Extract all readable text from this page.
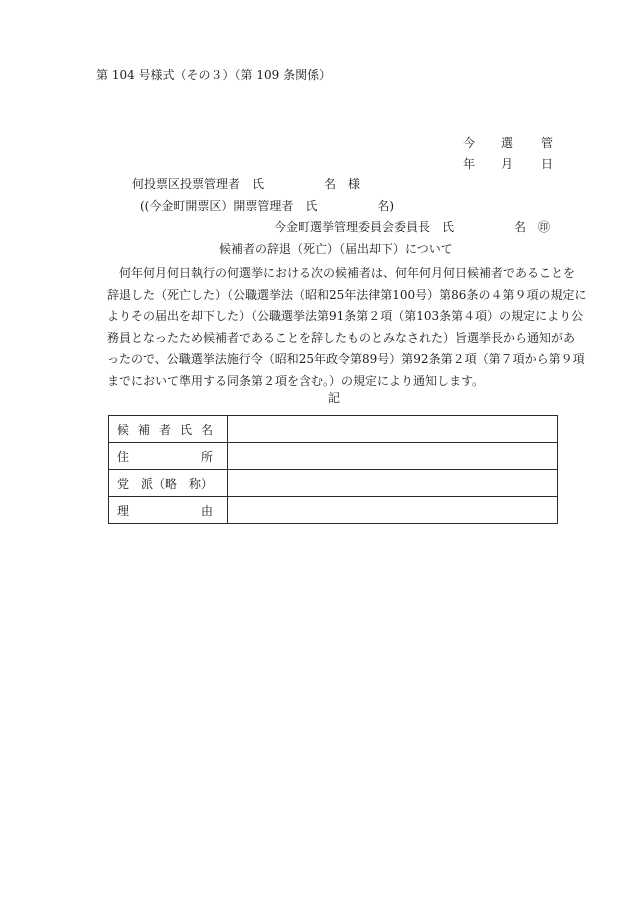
第 104 号様式（その３）（第 109 条関係）
今 選 管
年 月 日
何投票区投票管理者　氏　　　　　名　様
((今金町開票区）開票管理者　氏　　　　　名)
今金町選挙管理委員会委員長　氏　　　　　名　㊞
候補者の辞退（死亡）（届出却下）について
　何年何月何日執行の何選挙における次の候補者は、何年何月何日候補者であることを
辞退した（死亡した）（公職選挙法（昭和25年法律第100号）第86条の４第９項の規定に
よりその届出を却下した）（公職選挙法第91条第２項（第103条第４項）の規定により公
務員となったため候補者であることを辞したものとみなされた）旨選挙長から通知があ
ったので、公職選挙法施行令（昭和25年政令第89号）第92条第２項（第７項から第９項
までにおいて準用する同条第２項を含む。）の規定により通知します。
記
候 補 者 氏 名	

住 所	

党 派（略 称）	

理 由	
